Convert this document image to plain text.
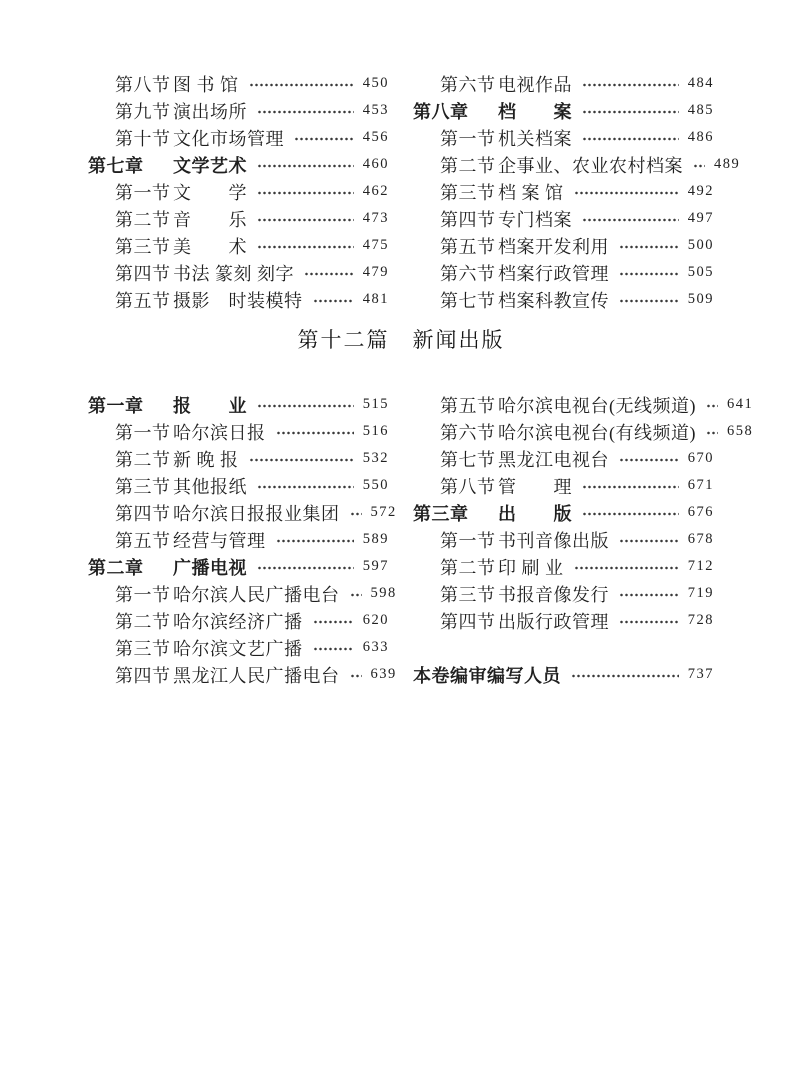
第八节 图 书 馆	450
第九节 演出场所	453
第十节 文化市场管理	456
第七章	文学艺术	460
第一节 文　　学	462
第二节 音　　乐	473
第三节 美　　术	475
第四节 书法 篆刻 刻字	479
第五节 摄影　时装模特	481
第六节 电视作品	484
第八章	档　　案	485
第一节 机关档案	486
第二节 企事业、农业农村档案 489
第三节 档 案 馆	492
第四节 专门档案	497
第五节 档案开发利用	500
第六节 档案行政管理	505
第七节 档案科教宣传	509
第十二篇　新闻出版
第一章	报　　业	515
第一节 哈尔滨日报	516
第二节 新 晚 报	532
第三节 其他报纸	550
第四节 哈尔滨日报报业集团 572
第五节 经营与管理	589
第二章	广播电视	597
第一节 哈尔滨人民广播电台 598
第二节 哈尔滨经济广播	620
第三节 哈尔滨文艺广播	633
第四节 黑龙江人民广播电台 639
第五节 哈尔滨电视台(无线频道) 641
第六节 哈尔滨电视台(有线频道) 658
第七节 黑龙江电视台	670
第八节 管　　理	671
第三章	出　　版	676
第一节 书刊音像出版	678
第二节 印 刷 业	712
第三节 书报音像发行	719
第四节 出版行政管理	728
本卷编审编写人员	737
